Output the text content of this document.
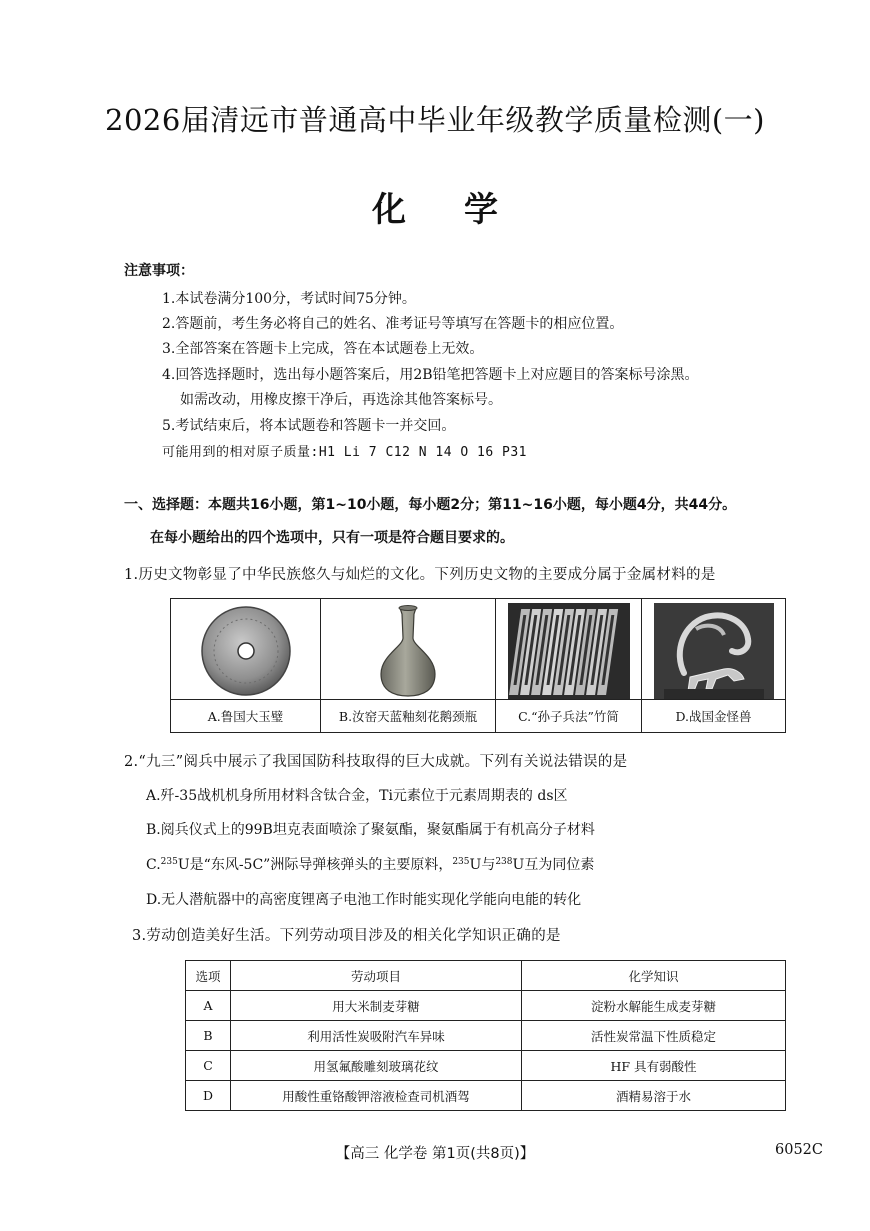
2026届清远市普通高中毕业年级教学质量检测(一)
化学
注意事项：
1.本试卷满分100分，考试时间75分钟。
2.答题前，考生务必将自己的姓名、准考证号等填写在答题卡的相应位置。
3.全部答案在答题卡上完成，答在本试题卷上无效。
4.回答选择题时，选出每小题答案后，用2B铅笔把答题卡上对应题目的答案标号涂黑。
如需改动，用橡皮擦干净后，再选涂其他答案标号。
5.考试结束后，将本试题卷和答题卡一并交回。
可能用到的相对原子质量:H1 Li 7 C12 N 14 O 16 P31
一、选择题：本题共16小题，第1~10小题，每小题2分；第11~16小题，每小题4分，共44分。
在每小题给出的四个选项中，只有一项是符合题目要求的。
1.历史文物彰显了中华民族悠久与灿烂的文化。下列历史文物的主要成分属于金属材料的是
A.鲁国大玉璧	B.汝窑天蓝釉刻花鹅颈瓶	C.“孙子兵法”竹简	D.战国金怪兽
2.“九三”阅兵中展示了我国国防科技取得的巨大成就。下列有关说法错误的是
A.歼-35战机机身所用材料含钛合金，Ti元素位于元素周期表的 ds区
B.阅兵仪式上的99B坦克表面喷涂了聚氨酯，聚氨酯属于有机高分子材料
C.$^{235}$U是“东风-5C”洲际导弹核弹头的主要原料，$^{235}$U与$^{238}$U互为同位素
D.无人潜航器中的高密度锂离子电池工作时能实现化学能向电能的转化
3.劳动创造美好生活。下列劳动项目涉及的相关化学知识正确的是
选项	劳动项目	化学知识
A	用大米制麦芽糖	淀粉水解能生成麦芽糖
B	利用活性炭吸附汽车异味	活性炭常温下性质稳定
C	用氢氟酸雕刻玻璃花纹	HF 具有弱酸性
D	用酸性重铬酸钾溶液检查司机酒驾	酒精易溶于水
【高三 化学卷 第1页(共8页)】	6052C
